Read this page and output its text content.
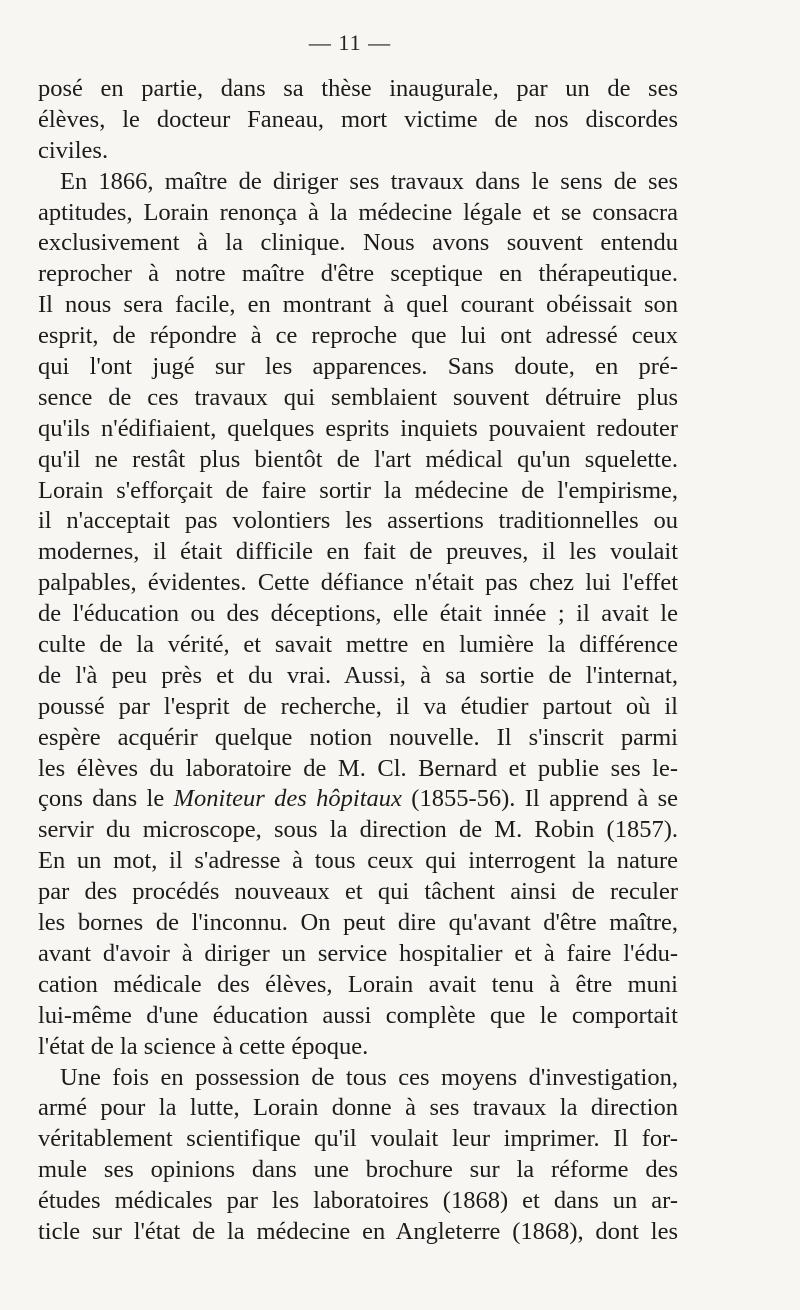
— 11 —
posé en partie, dans sa thèse inaugurale, par un de ses
élèves, le docteur Faneau, mort victime de nos discordes
civiles.
En 1866, maître de diriger ses travaux dans le sens de ses
aptitudes, Lorain renonça à la médecine légale et se consacra
exclusivement à la clinique. Nous avons souvent entendu
reprocher à notre maître d'être sceptique en thérapeutique.
Il nous sera facile, en montrant à quel courant obéissait son
esprit, de répondre à ce reproche que lui ont adressé ceux
qui l'ont jugé sur les apparences. Sans doute, en pré-
sence de ces travaux qui semblaient souvent détruire plus
qu'ils n'édifiaient, quelques esprits inquiets pouvaient redouter
qu'il ne restât plus bientôt de l'art médical qu'un squelette.
Lorain s'efforçait de faire sortir la médecine de l'empirisme,
il n'acceptait pas volontiers les assertions traditionnelles ou
modernes, il était difficile en fait de preuves, il les voulait
palpables, évidentes. Cette défiance n'était pas chez lui l'effet
de l'éducation ou des déceptions, elle était innée ; il avait le
culte de la vérité, et savait mettre en lumière la différence
de l'à peu près et du vrai. Aussi, à sa sortie de l'internat,
poussé par l'esprit de recherche, il va étudier partout où il
espère acquérir quelque notion nouvelle. Il s'inscrit parmi
les élèves du laboratoire de M. Cl. Bernard et publie ses le-
çons dans le Moniteur des hôpitaux (1855-56). Il apprend à se
servir du microscope, sous la direction de M. Robin (1857).
En un mot, il s'adresse à tous ceux qui interrogent la nature
par des procédés nouveaux et qui tâchent ainsi de reculer
les bornes de l'inconnu. On peut dire qu'avant d'être maître,
avant d'avoir à diriger un service hospitalier et à faire l'édu-
cation médicale des élèves, Lorain avait tenu à être muni
lui-même d'une éducation aussi complète que le comportait
l'état de la science à cette époque.
Une fois en possession de tous ces moyens d'investigation,
armé pour la lutte, Lorain donne à ses travaux la direction
véritablement scientifique qu'il voulait leur imprimer. Il for-
mule ses opinions dans une brochure sur la réforme des
études médicales par les laboratoires (1868) et dans un ar-
ticle sur l'état de la médecine en Angleterre (1868), dont les
